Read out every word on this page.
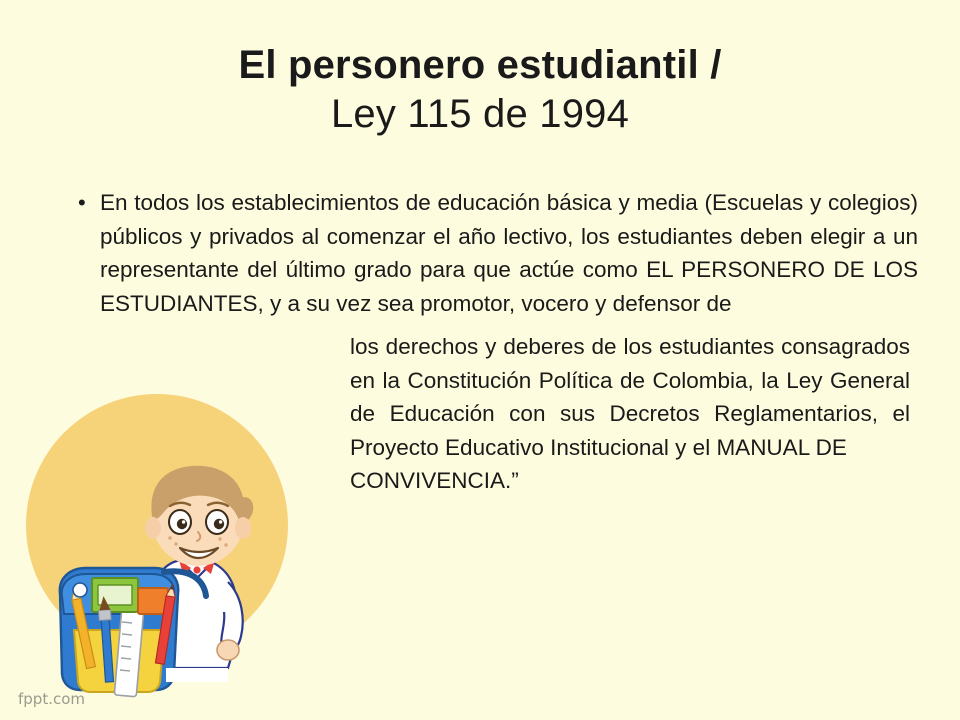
El personero estudiantil /
Ley 115 de 1994
• En todos los establecimientos de educación básica y media (Escuelas y colegios) públicos y privados al comenzar el año lectivo, los estudiantes deben elegir a un representante del último grado para que actúe como EL PERSONERO DE LOS ESTUDIANTES, y a su vez sea promotor, vocero y defensor de
los derechos y deberes de los estudiantes consagrados en la Constitución Política de Colombia, la Ley General de Educación con sus Decretos Reglamentarios, el Proyecto Educativo Institucional y el MANUAL DE
CONVIVENCIA.”
fppt.com
